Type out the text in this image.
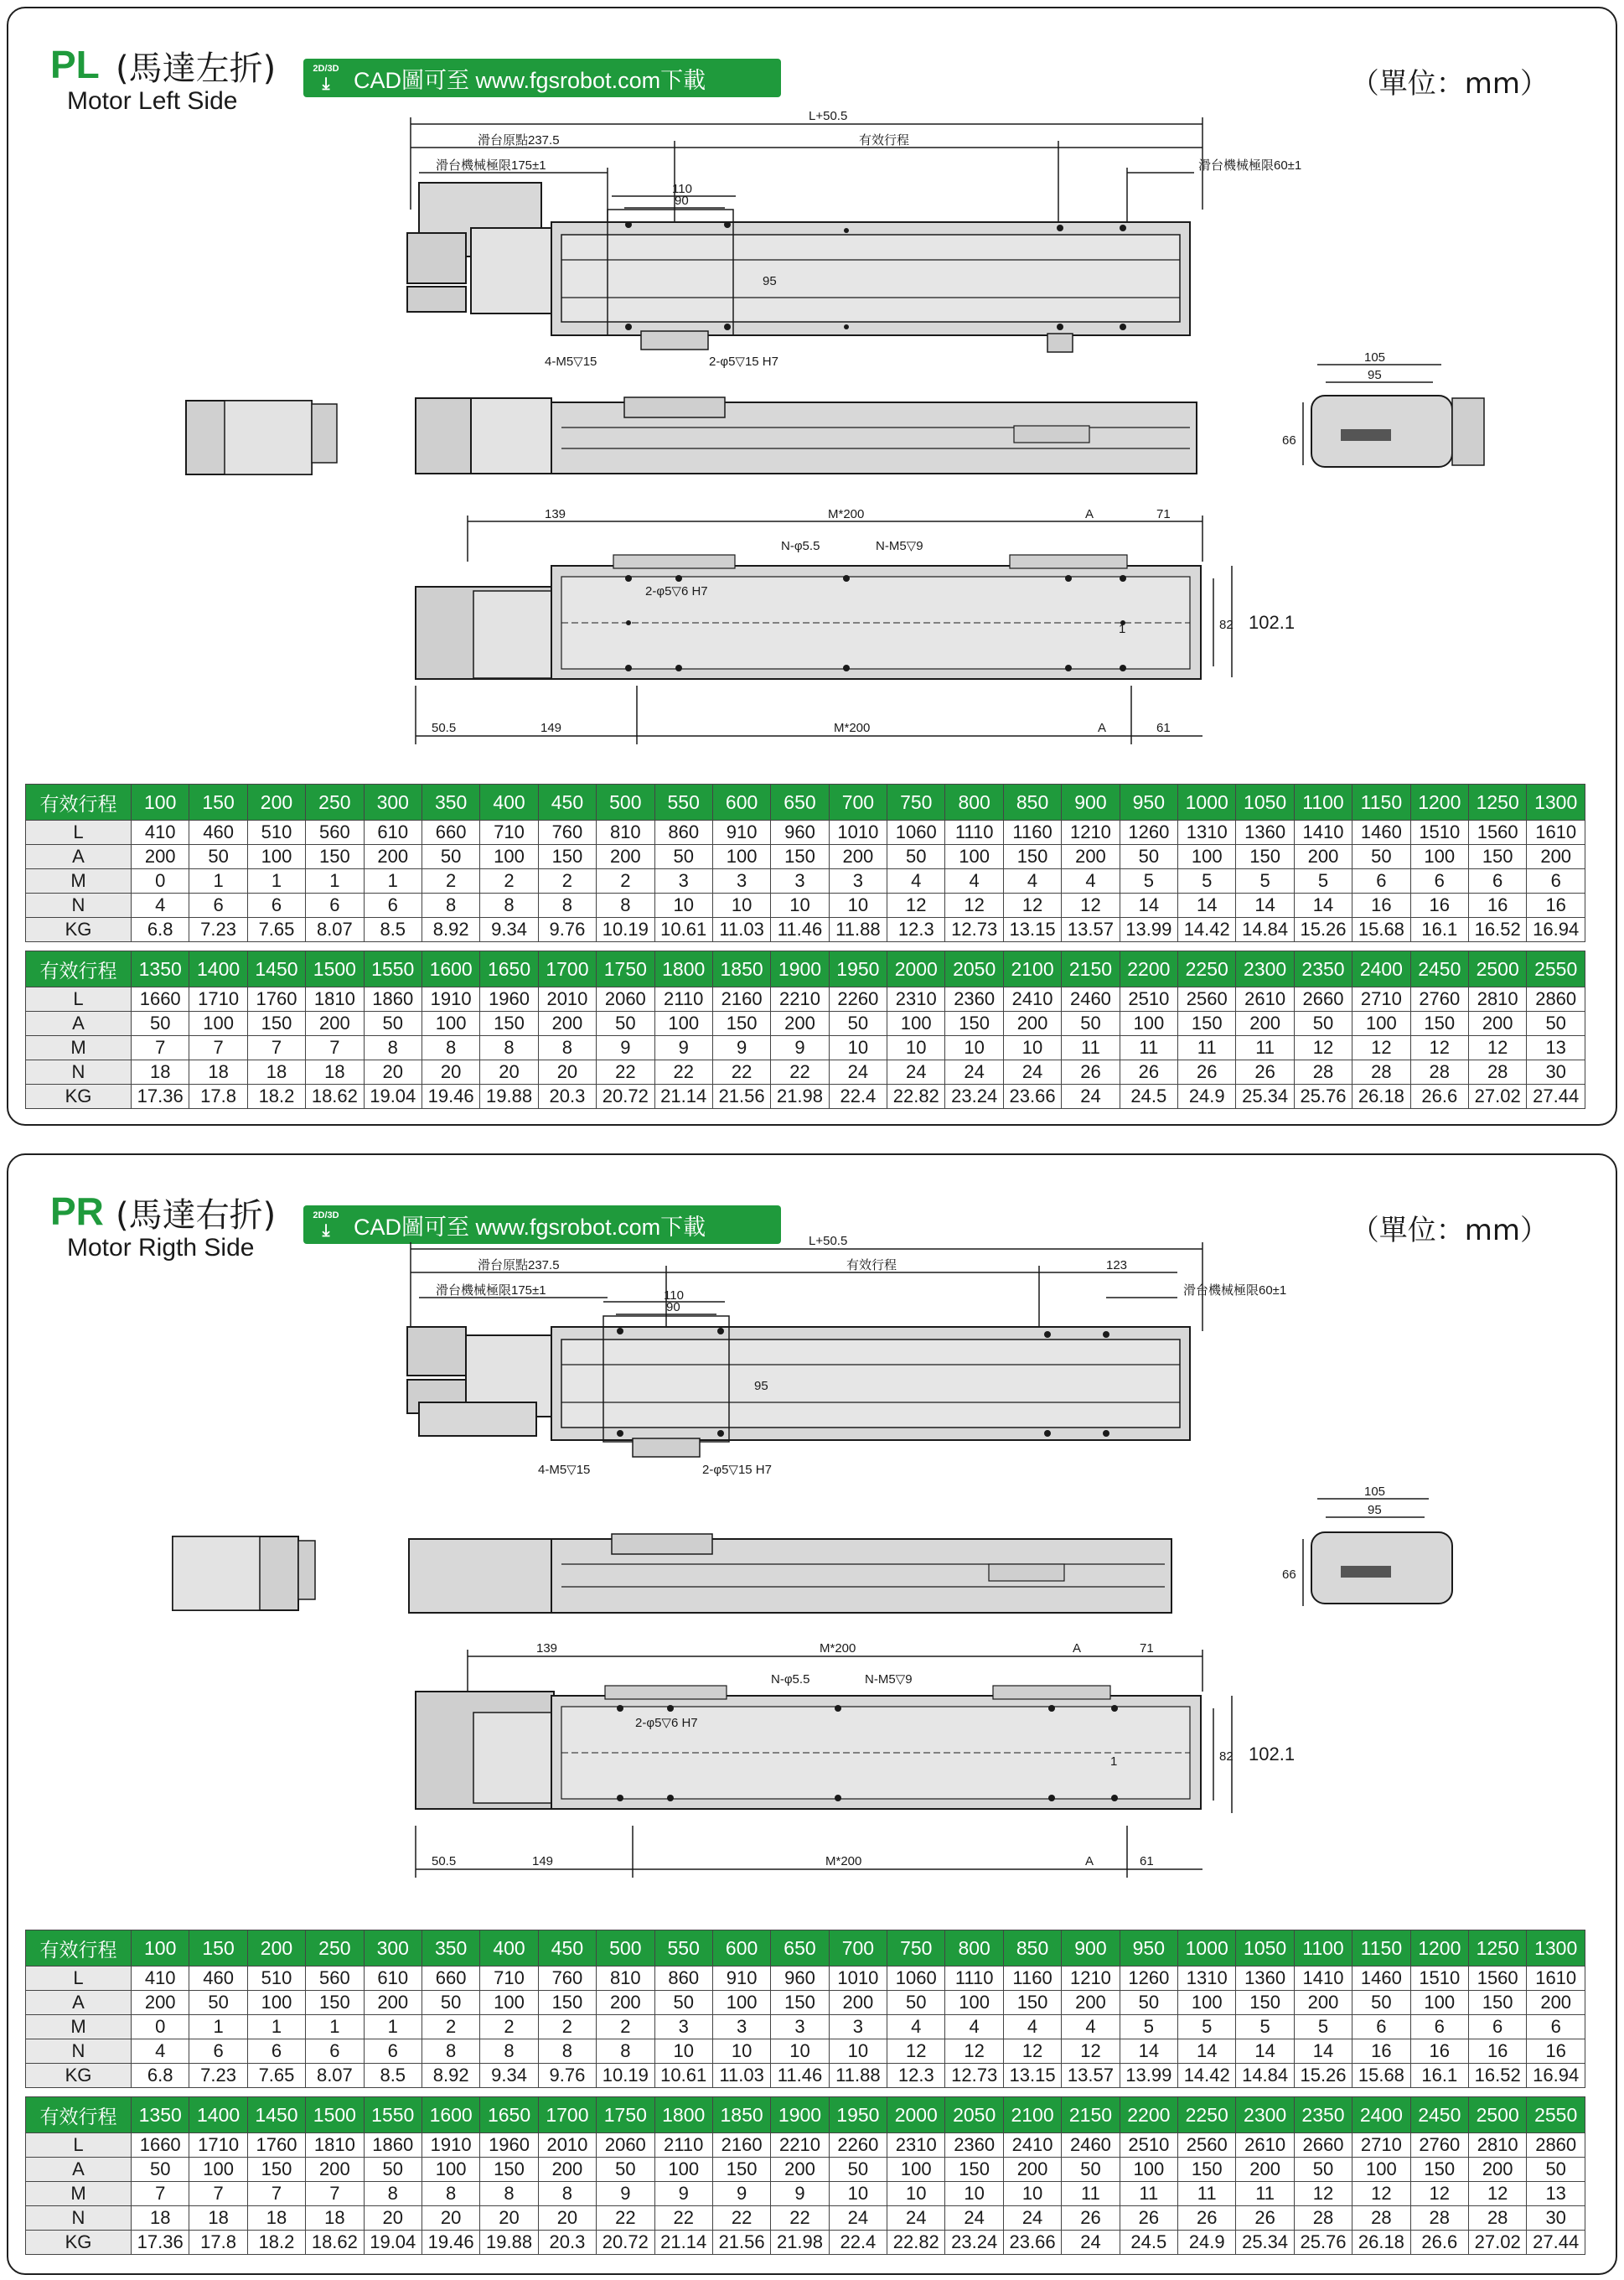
PL (馬達左折)
Motor Left Side
2D/3D
⤓ CAD圖可至 www.fgsrobot.com下載	（單位：mm）
L+50.5
滑台原點237.5	有效行程
滑台機械極限175±1	滑台機械極限60±1
110
90
95
4-M5▽15	2-φ5▽15 H7	105
95
66
139	M*200	A	71
N-φ5.5	N-M5▽9
2-φ5▽6 H7
82 102.1
1
50.5	149	M*200	A	61
PR (馬達右折)
Motor Rigth Side
2D/3D
⤓ CAD圖可至 www.fgsrobot.com下載	（單位：mm）
L+50.5
滑台原點237.5	有效行程	123
滑台機械極限175±1	滑台機械極限60±1
110
90
95
4-M5▽15	2-φ5▽15 H7
105
95
66
139	M*200	A	71
N-φ5.5	N-M5▽9
2-φ5▽6 H7
82 102.1
1
50.5	149	M*200	A	61
有效行程	100	150	200	250	300	350	400	450	500	550	600	650	700	750	800	850	900	950	1000	1050	1100	1150	1200	1250	1300
L	410	460	510	560	610	660	710	760	810	860	910	960	1010	1060	1110	1160	1210	1260	1310	1360	1410	1460	1510	1560	1610
A	200	50	100	150	200	50	100	150	200	50	100	150	200	50	100	150	200	50	100	150	200	50	100	150	200
M	0	1	1	1	1	2	2	2	2	3	3	3	3	4	4	4	4	5	5	5	5	6	6	6	6
N	4	6	6	6	6	8	8	8	8	10	10	10	10	12	12	12	12	14	14	14	14	16	16	16	16
KG	6.8	7.23	7.65	8.07	8.5	8.92	9.34	9.76	10.19	10.61	11.03	11.46	11.88	12.3	12.73	13.15	13.57	13.99	14.42	14.84	15.26	15.68	16.1	16.52	16.94
有效行程	1350	1400	1450	1500	1550	1600	1650	1700	1750	1800	1850	1900	1950	2000	2050	2100	2150	2200	2250	2300	2350	2400	2450	2500	2550
L	1660	1710	1760	1810	1860	1910	1960	2010	2060	2110	2160	2210	2260	2310	2360	2410	2460	2510	2560	2610	2660	2710	2760	2810	2860
A	50	100	150	200	50	100	150	200	50	100	150	200	50	100	150	200	50	100	150	200	50	100	150	200	50
M	7	7	7	7	8	8	8	8	9	9	9	9	10	10	10	10	11	11	11	11	12	12	12	12	13
N	18	18	18	18	20	20	20	20	22	22	22	22	24	24	24	24	26	26	26	26	28	28	28	28	30
KG	17.36	17.8	18.2	18.62	19.04	19.46	19.88	20.3	20.72	21.14	21.56	21.98	22.4	22.82	23.24	23.66	24	24.5	24.9	25.34	25.76	26.18	26.6	27.02	27.44
有效行程	100	150	200	250	300	350	400	450	500	550	600	650	700	750	800	850	900	950	1000	1050	1100	1150	1200	1250	1300
L	410	460	510	560	610	660	710	760	810	860	910	960	1010	1060	1110	1160	1210	1260	1310	1360	1410	1460	1510	1560	1610
A	200	50	100	150	200	50	100	150	200	50	100	150	200	50	100	150	200	50	100	150	200	50	100	150	200
M	0	1	1	1	1	2	2	2	2	3	3	3	3	4	4	4	4	5	5	5	5	6	6	6	6
N	4	6	6	6	6	8	8	8	8	10	10	10	10	12	12	12	12	14	14	14	14	16	16	16	16
KG	6.8	7.23	7.65	8.07	8.5	8.92	9.34	9.76	10.19	10.61	11.03	11.46	11.88	12.3	12.73	13.15	13.57	13.99	14.42	14.84	15.26	15.68	16.1	16.52	16.94
有效行程	1350	1400	1450	1500	1550	1600	1650	1700	1750	1800	1850	1900	1950	2000	2050	2100	2150	2200	2250	2300	2350	2400	2450	2500	2550
L	1660	1710	1760	1810	1860	1910	1960	2010	2060	2110	2160	2210	2260	2310	2360	2410	2460	2510	2560	2610	2660	2710	2760	2810	2860
A	50	100	150	200	50	100	150	200	50	100	150	200	50	100	150	200	50	100	150	200	50	100	150	200	50
M	7	7	7	7	8	8	8	8	9	9	9	9	10	10	10	10	11	11	11	11	12	12	12	12	13
N	18	18	18	18	20	20	20	20	22	22	22	22	24	24	24	24	26	26	26	26	28	28	28	28	30
KG	17.36	17.8	18.2	18.62	19.04	19.46	19.88	20.3	20.72	21.14	21.56	21.98	22.4	22.82	23.24	23.66	24	24.5	24.9	25.34	25.76	26.18	26.6	27.02	27.44
